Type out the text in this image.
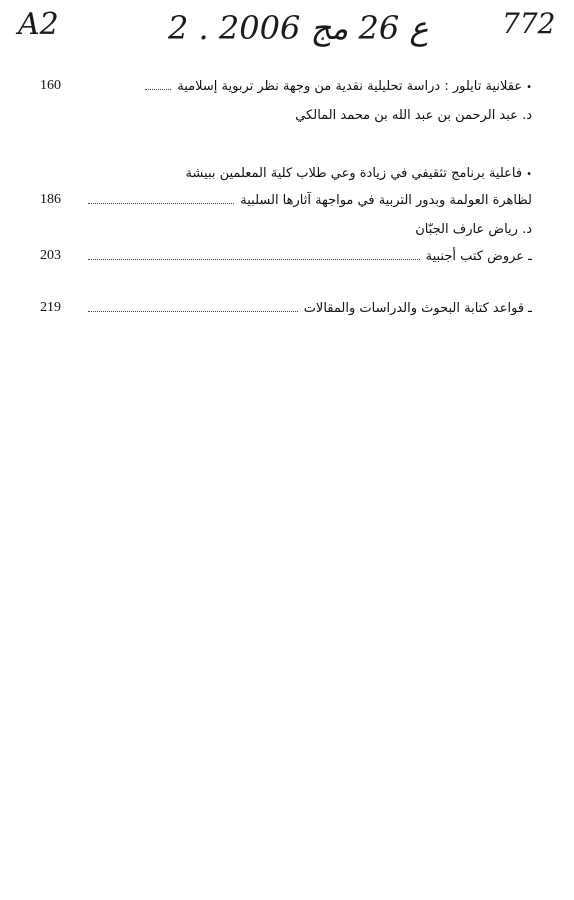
A2	2 . ع 26 مج 2006	772
160	•عقلانية تايلور : دراسة تحليلية نقدية من وجهة نظر تربوية إسلامية
د. عبد الرحمن بن عبد الله بن محمد المالكي
•فاعلية برنامج تثقيفي في زيادة وعي طلاب كلية المعلمين ببيشة
186	لظاهرة العولمة وبدور التربية في مواجهة آثارها السلبية
د. رياض عارف الجبّان
203	ـ عروض كتب أجنبية
219	ـ قواعد كتابة البحوث والدراسات والمقالات
